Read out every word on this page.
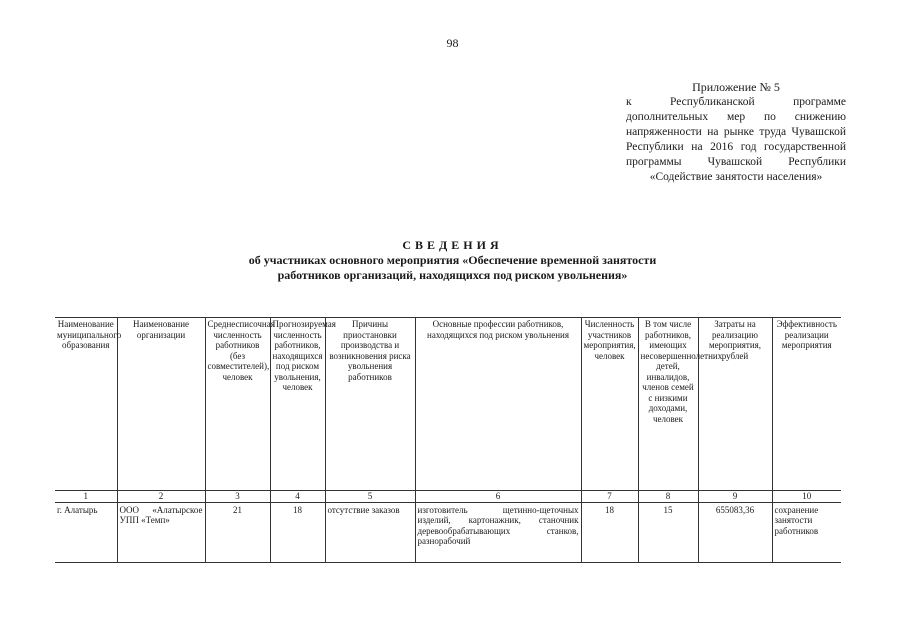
98
Приложение № 5
к Республиканской программе дополнительных мер по снижению напряженности на рынке труда Чувашской Республики на 2016 год государственной программы Чувашской Республики «Содействие занятости населения»
СВЕДЕНИЯ
об участниках основного мероприятия «Обеспечение временной занятости
работников организаций, находящихся под риском увольнения»
Наименование муниципального образования	Наименование организации	Среднесписочная численность работников (без совместителей), человек	Прогнозируемая численность работников, находящихся под риском увольнения, человек	Причины приостановки производства и возникновения риска увольнения работников	Основные профессии работников, находящихся под риском увольнения	Численность участников мероприятия, человек	В том числе работников, имеющих несовершеннолетних детей, инвалидов, членов семей с низкими доходами, человек	Затраты на реализацию мероприятия, рублей	Эффективность реализации мероприятия
1	2	3	4	5	6	7	8	9	10
г. Алатырь	ООО «Алатырское УПП «Темп»	21	18	отсутствие заказов	изготовитель щетинно-щеточных изделий, картонажник, станочник деревообрабатывающих станков, разнорабочий	18	15	655083,36	сохранение занятости работников
